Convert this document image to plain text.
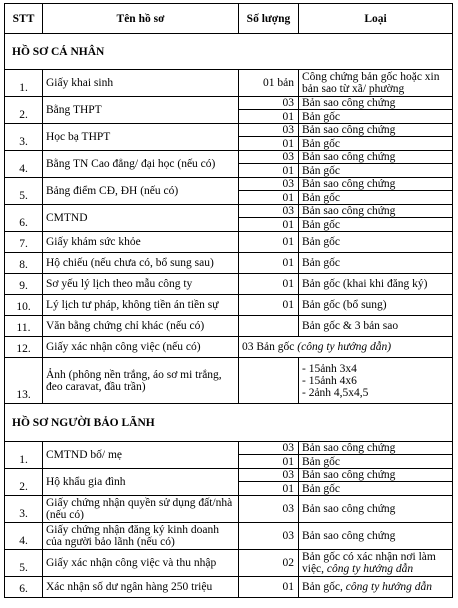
STT	Tên hồ sơ	Số lượng	Loại
HỒ SƠ CÁ NHÂN			
1.	Giấy khai sinh	01 bản	Công chứng bản gốc hoặc xin bản sao từ xã/ phường
2.	Bằng THPT	03	Bản sao công chứng
		01	Bản gốc
3.	Học bạ THPT	03	Bản sao công chứng
		01	Bản gốc
4.	Bằng TN Cao đẳng/ đại học (nếu có)	03	Bản sao công chứng
		01	Bản gốc
5.	Bảng điểm CĐ, ĐH (nếu có)	03	Bản sao công chứng
		01	Bản gốc
6.	CMTND	03	Bản sao công chứng
		01	Bản gốc
7.	Giấy khám sức khỏe	01	Bản gốc
8.	Hộ chiếu (nếu chưa có, bổ sung sau)	01	Bản gốc
9.	Sơ yếu lý lịch theo mẫu công ty	01	Bản gốc (khai khi đăng ký)
10.	Lý lịch tư pháp, không tiền án tiền sự	01	Bản gốc (bổ sung)
11.	Văn bằng chứng chỉ khác (nếu có)		Bản gốc & 3 bản sao
12.	Giấy xác nhận công việc (nếu có)	03 Bản gốc (công ty hướng dẫn)	
13.	Ảnh (phông nền trắng, áo sơ mi trắng, đeo caravat, đầu trần)		- 15ảnh 3x4
- 15ảnh 4x6
- 2ảnh 4,5x4,5

HỒ SƠ NGƯỜI BẢO LÃNH			
1.	CMTND bố/ mẹ	03	Bản sao công chứng
		01	Bản gốc
2.	Hộ khẩu gia đình	03	Bản sao công chứng
		01	Bản gốc
3.	Giấy chứng nhận quyền sử dụng đất/nhà (nếu có)	03	Bản sao công chứng
4.	Giấy chứng nhận đăng ký kinh doanh của người bảo lãnh (nếu có)	03	Bản sao công chứng
5.	Giấy xác nhận công việc và thu nhập	02	Bản gốc có xác nhận nơi làm việc, công ty hướng dẫn
6.	Xác nhận số dư ngân hàng 250 triệu	01	Bản gốc, công ty hướng dẫn
